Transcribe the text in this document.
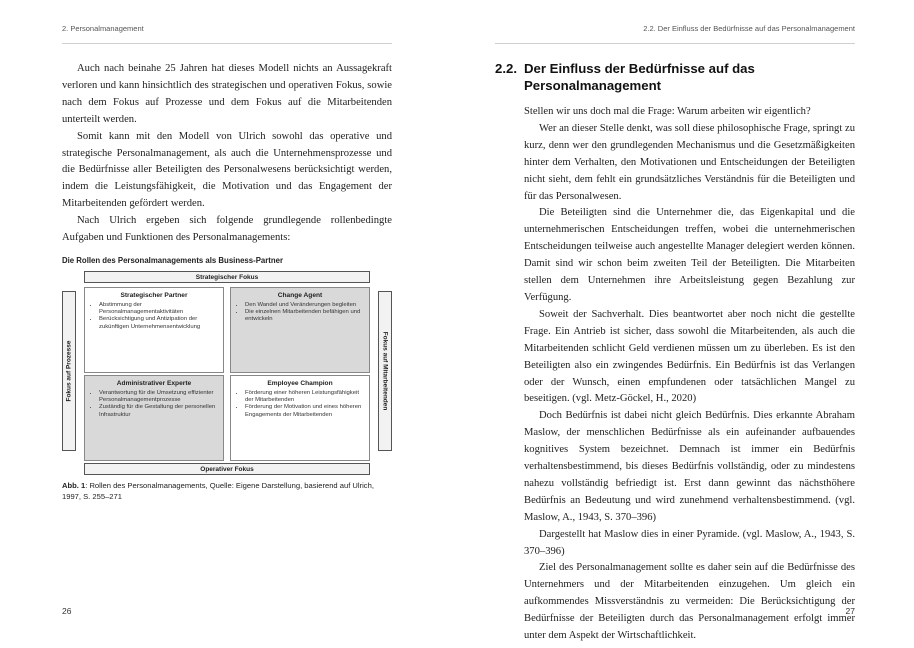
2. Personalmanagement

Auch nach beinahe 25 Jahren hat dieses Modell nichts an Aussagekraft verloren und kann hinsichtlich des strategischen und operativen Fokus, sowie nach dem Fokus auf Prozesse und dem Fokus auf die Mitarbeitenden unterteilt werden.

Somit kann mit den Modell von Ulrich sowohl das operative und strategische Personalmanagement, als auch die Unternehmensprozesse und die Bedürfnisse aller Beteiligten des Personalwesens berücksichtigt werden, indem die Leistungsfähigkeit, die Motivation und das Engagement der Mitarbeitenden gefördert werden.

Nach Ulrich ergeben sich folgende grundlegende rollenbedingte Aufgaben und Funktionen des Personalmanagements:

Die Rollen des Personalmanagements als Business-Partner
Strategischer Fokus
Operativer Fokus
Fokus auf Prozesse	Fokus auf Mitarbeitenden
Strategischer Partner
• Abstimmung der Personalmanagementaktivitäten
• Berücksichtigung und Antizipation der zukünftigen Unternehmensentwicklung
Change Agent
• Den Wandel und Veränderungen begleiten
• Die einzelnen Mitarbeitenden befähigen und entwickeln
Administrativer Experte
• Verantwortung für die Umsetzung effizienter Personalmanagementprozesse
• Zuständig für die Gestaltung der personellen Infrastruktur
Employee Champion
• Förderung einer höheren Leistungsfähigkeit der Mitarbeitenden
• Förderung der Motivation und eines höheren Engagements der Mitarbeitenden
Abb. 1: Rollen des Personalmanagements, Quelle: Eigene Darstellung, basierend auf Ulrich, 1997, S. 255–271
26
2.2. Der Einfluss der Bedürfnisse auf das Personalmanagement
2.2. Der Einfluss der Bedürfnisse auf das
Personalmanagement

Stellen wir uns doch mal die Frage: Warum arbeiten wir eigentlich?

Wer an dieser Stelle denkt, was soll diese philosophische Frage, springt zu kurz, denn wer den grundlegenden Mechanismus und die Gesetzmäßigkeiten hinter dem Verhalten, den Motivationen und Entscheidungen der Beteiligten nicht sieht, dem fehlt ein grundsätzliches Verständnis für die Beteiligten und für das Personalwesen.

Die Beteiligten sind die Unternehmer die, das Eigenkapital und die unternehmerischen Entscheidungen treffen, wobei die unternehmerischen Entscheidungen teilweise auch angestellte Manager delegiert werden können. Damit sind wir schon beim zweiten Teil der Beteiligten. Die Mitarbeiten stellen dem Unternehmen ihre Arbeitsleistung gegen Bezahlung zur Verfügung.

Soweit der Sachverhalt. Dies beantwortet aber noch nicht die gestellte Frage. Ein Antrieb ist sicher, dass sowohl die Mitarbeitenden, als auch die Mitarbeitenden schlicht Geld verdienen müssen um zu überleben. Es ist den Beteiligten also ein zwingendes Bedürfnis. Ein Bedürfnis ist das Verlangen oder der Wunsch, einen empfundenen oder tatsächlichen Mangel zu beseitigen. (vgl. Metz-Göckel, H., 2020)

Doch Bedürfnis ist dabei nicht gleich Bedürfnis. Dies erkannte Abraham Maslow, der menschlichen Bedürfnisse als ein aufeinander aufbauendes kognitives System bezeichnet. Demnach ist immer ein Bedürfnis verhaltensbestimmend, bis dieses Bedürfnis vollständig, oder zu mindestens nahezu vollständig befriedigt ist. Erst dann gewinnt das nächsthöhere Bedürfnis an Bedeutung und wird zunehmend verhaltensbestimmend. (vgl. Maslow, A., 1943, S. 370–396)

Dargestellt hat Maslow dies in einer Pyramide. (vgl. Maslow, A., 1943, S. 370–396)

Ziel des Personalmanagement sollte es daher sein auf die Bedürfnisse des Unternehmers und der Mitarbeitenden einzugehen. Um gleich ein aufkommendes Missverständnis zu vermeiden: Die Berücksichtigung der Bedürfnisse der Beteiligten durch das Personalmanagement erfolgt immer unter dem Aspekt der Wirtschaftlichkeit.

27
